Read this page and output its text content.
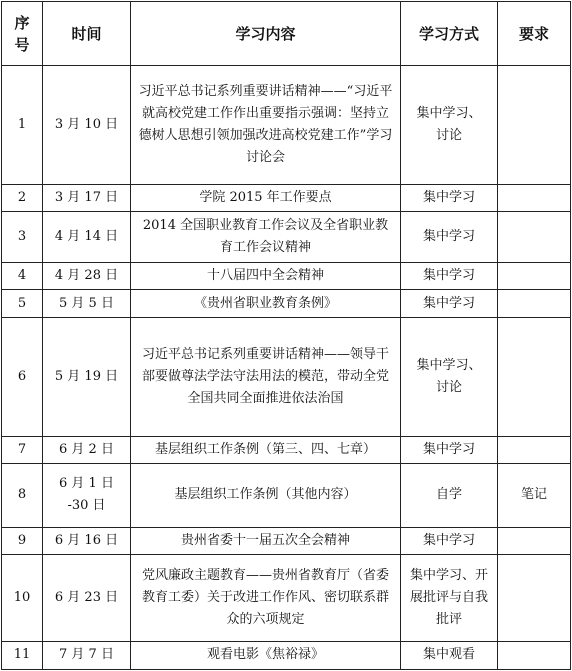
序号	时间	学习内容	学习方式	要求
1	3 月 10 日	习近平总书记系列重要讲话精神——“习近平就高校党建工作作出重要指示强调：坚持立德树人思想引领加强改进高校党建工作”学习讨论会	集中学习、讨论	
2	3 月 17 日	学院 2015 年工作要点	集中学习	
3	4 月 14 日	2014 全国职业教育工作会议及全省职业教育工作会议精神	集中学习	
4	4 月 28 日	十八届四中全会精神	集中学习	
5	5 月 5 日	《贵州省职业教育条例》	集中学习	
6	5 月 19 日	习近平总书记系列重要讲话精神——领导干部要做尊法学法守法用法的模范，带动全党全国共同全面推进依法治国	集中学习、讨论	
7	6 月 2 日	基层组织工作条例（第三、四、七章）	集中学习	
8	6 月 1 日 -30 日	基层组织工作条例（其他内容）	自学	笔记
9	6 月 16 日	贵州省委十一届五次全会精神	集中学习	
10	6 月 23 日	党风廉政主题教育——贵州省教育厅（省委教育工委）关于改进工作作风、密切联系群众的六项规定	集中学习、开展批评与自我批评	
11	7 月 7 日	观看电影《焦裕禄》	集中观看	
